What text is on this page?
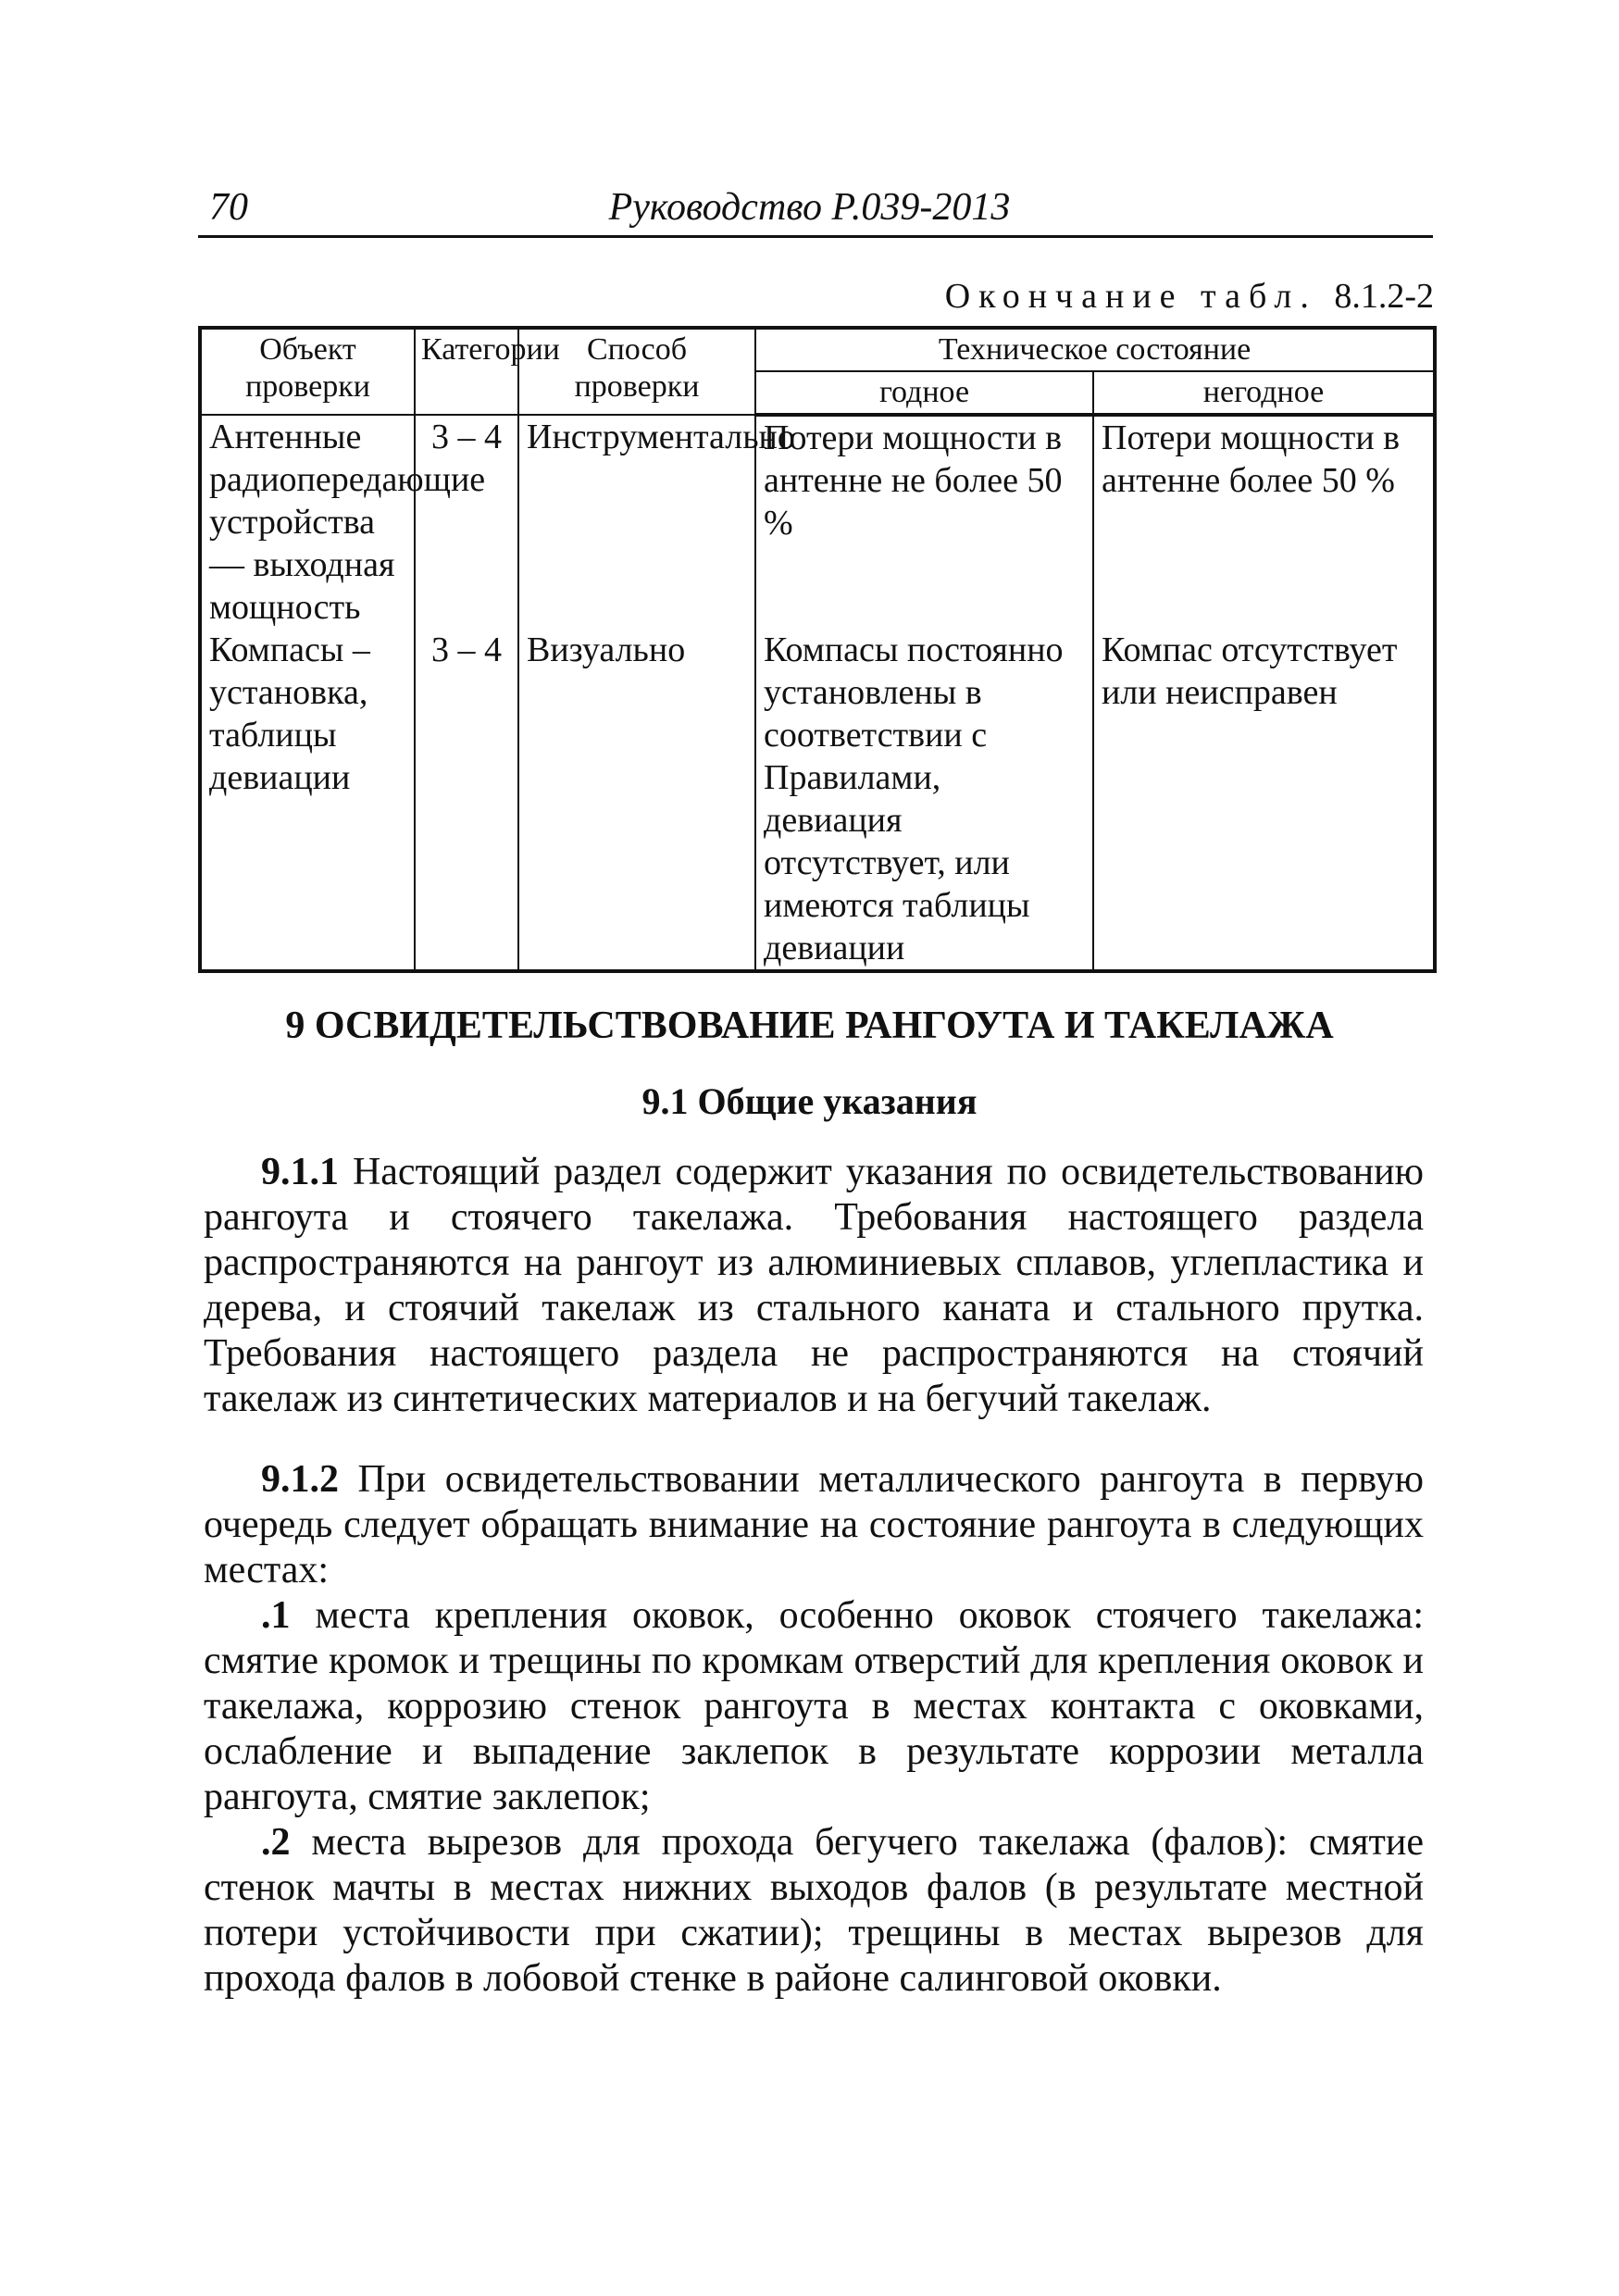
70	Руководство Р.039-2013
Окончание табл. 8.1.2-2
Объект проверки	Категории	Способ проверки	Техническое состояние	
			годное	негодное
Антенные радиопередающие устройства — выходная мощность	3 – 4	Инструментально	Потери мощности в антенне не более 50 %	Потери мощности в антенне более 50 %
Компасы – установка, таблицы девиации	3 – 4	Визуально	Компасы постоянно установлены в соответствии с Правилами, девиация отсутствует, или имеются таблицы девиации	Компас отсутствует или неисправен
9 ОСВИДЕТЕЛЬСТВОВАНИЕ РАНГОУТА И ТАКЕЛАЖА
9.1 Общие указания

9.1.1 Настоящий раздел содержит указания по освидетельствованию рангоута и стоячего такелажа. Требования настоящего раздела распространяются на рангоут из алюминиевых сплавов, углепластика и дерева, и стоячий такелаж из стального каната и стального прутка. Требования настоящего раздела не распространяются на стоячий такелаж из синтетических материалов и на бегучий такелаж.

9.1.2 При освидетельствовании металлического рангоута в первую очередь следует обращать внимание на состояние рангоута в следующих местах:

.1 места крепления оковок, особенно оковок стоячего такелажа: смятие кромок и трещины по кромкам отверстий для крепления оковок и такелажа, коррозию стенок рангоута в местах контакта с оковками, ослабление и выпадение заклепок в результате коррозии металла рангоута, смятие заклепок;

.2 места вырезов для прохода бегучего такелажа (фалов): смятие стенок мачты в местах нижних выходов фалов (в результате местной потери устойчивости при сжатии); трещины в местах вырезов для прохода фалов в лобовой стенке в районе салинговой оковки.
